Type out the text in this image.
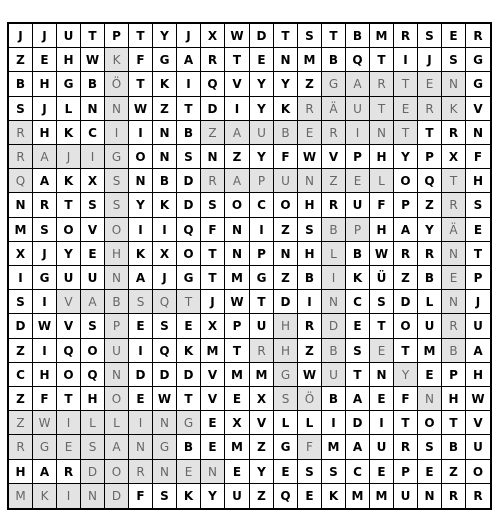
J J U T P T Y J X W D T S T B M R S E R
Z E H W K F G A R T E N M B Q T I J S G
B H G B Ö T K I Q V Y Y Z G A R T E N G
S J L N N W Z T D I Y K R Ä U T E R K V
R H K C I I N B Z A U B E R I N T T R N
R A J I G O N S N Z Y F W V P H Y P X F
Q A K X S N B D R A P U N Z E L O Q T H
N R T S S Y K D S O C O H R U F P Z R S
M S O V O I I Q F N I Z S B P H A Y Ä E
X J Y E H K X O T N P N H L B W R R N T
I G U U N A J G T M G Z B I K Ü Z B E P
S I V A B S Q T J W T D I N C S D L N J
D W V S P E S E X P U H R D E T O U R U
Z I Q O U I Q K M T R H Z B S E T M B A
C H O Q N D D D V M M G W U T N Y E P H
Z F T H O E W T V E X S Ö B A E F N H W
Z W I L L I N G E X V L L I D I T O T V
R G E S A N G B E M Z G F M A U R S B U
H A R D O R N E N E Y E S S C E P E Z O
M K I N D F S K Y U Z Q E K M M U N R R
